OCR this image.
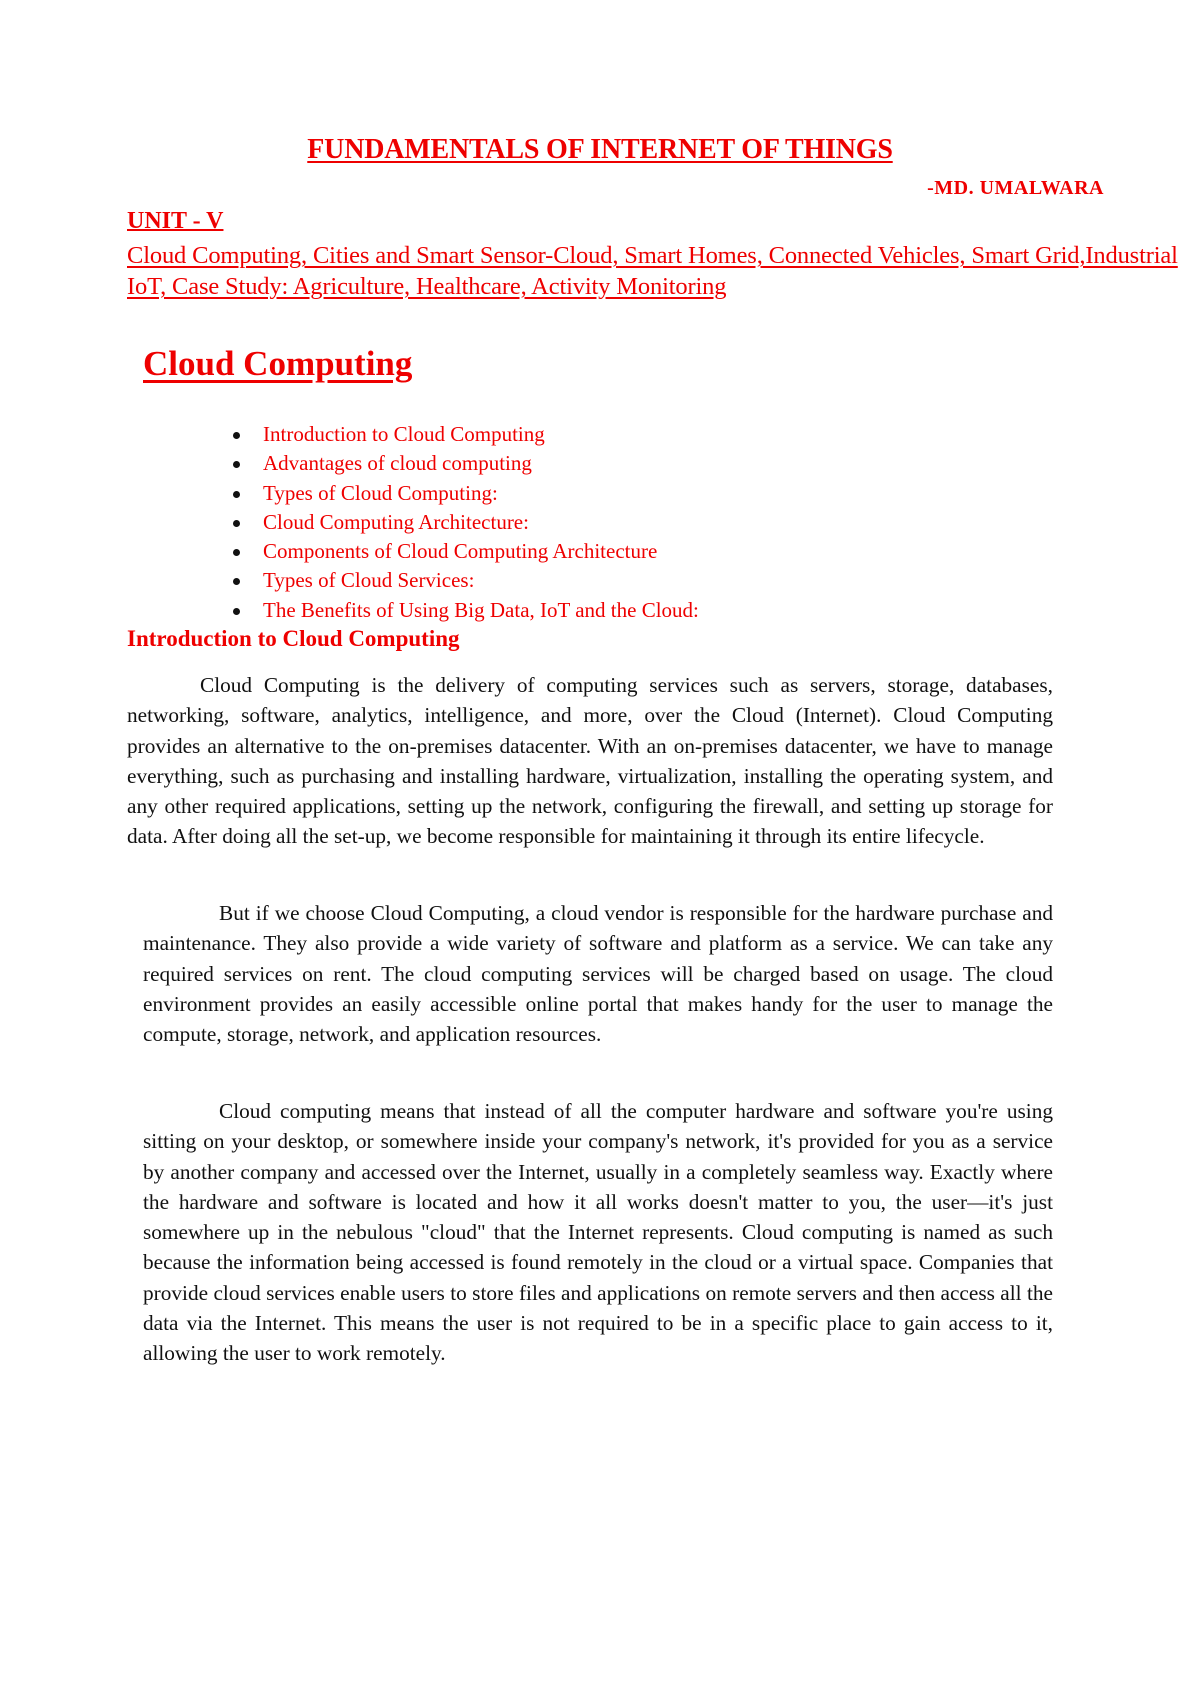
FUNDAMENTALS OF INTERNET OF THINGS

-MD. UMALWARA

UNIT - V

Cloud Computing, Cities and Smart Sensor-Cloud, Smart Homes, Connected Vehicles, Smart Grid,Industrial IoT, Case Study: Agriculture, Healthcare, Activity Monitoring

Cloud Computing
Introduction to Cloud Computing
Advantages of cloud computing
Types of Cloud Computing:
Cloud Computing Architecture:
Components of Cloud Computing Architecture
Types of Cloud Services:
The Benefits of Using Big Data, IoT and the Cloud:
Introduction to Cloud Computing

Cloud Computing is the delivery of computing services such as servers, storage, databases, networking, software, analytics, intelligence, and more, over the Cloud (Internet). Cloud Computing provides an alternative to the on-premises datacenter. With an on-premises datacenter, we have to manage everything, such as purchasing and installing hardware, virtualization, installing the operating system, and any other required applications, setting up the network, configuring the firewall, and setting up storage for data. After doing all the set-up, we become responsible for maintaining it through its entire lifecycle.

But if we choose Cloud Computing, a cloud vendor is responsible for the hardware purchase and maintenance. They also provide a wide variety of software and platform as a service. We can take any required services on rent. The cloud computing services will be charged based on usage. The cloud environment provides an easily accessible online portal that makes handy for the user to manage the compute, storage, network, and application resources.

Cloud computing means that instead of all the computer hardware and software you're using sitting on your desktop, or somewhere inside your company's network, it's provided for you as a service by another company and accessed over the Internet, usually in a completely seamless way. Exactly where the hardware and software is located and how it all works doesn't matter to you, the user—it's just somewhere up in the nebulous "cloud" that the Internet represents. Cloud computing is named as such because the information being accessed is found remotely in the cloud or a virtual space. Companies that provide cloud services enable users to store files and applications on remote servers and then access all the data via the Internet. This means the user is not required to be in a specific place to gain access to it, allowing the user to work remotely.
